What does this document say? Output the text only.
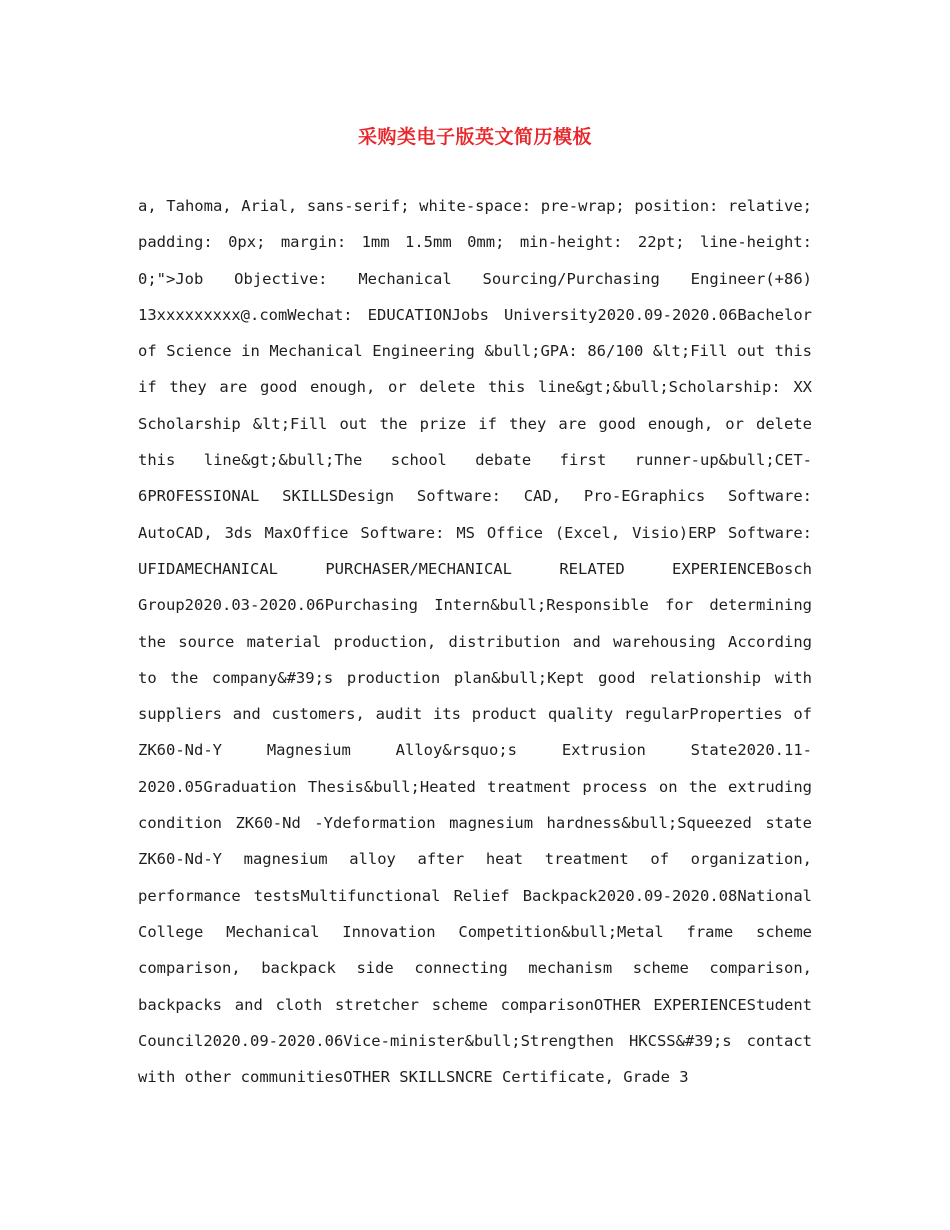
采购类电子版英文简历模板

a, Tahoma, Arial, sans-serif; white-space: pre-wrap; position: relative; padding: 0px; margin: 1mm 1.5mm 0mm; min-height: 22pt; line-height: 0;">Job Objective: Mechanical Sourcing/Purchasing Engineer(+86) 13xxxxxxxxx@.comWechat: EDUCATIONJobs University2020.09-2020.06Bachelor of Science in Mechanical Engineering &bull;GPA: 86/100 &lt;Fill out this if they are good enough, or delete this line&gt;&bull;Scholarship: XX Scholarship &lt;Fill out the prize if they are good enough, or delete this line&gt;&bull;The school debate first runner-up&bull;CET-6PROFESSIONAL SKILLSDesign Software: CAD, Pro-EGraphics Software: AutoCAD, 3ds MaxOffice Software: MS Office (Excel, Visio)ERP Software: UFIDAMECHANICAL PURCHASER/MECHANICAL RELATED EXPERIENCEBosch Group2020.03-2020.06Purchasing Intern&bull;Responsible for determining the source material production, distribution and warehousing According to the company&#39;s production plan&bull;Kept good relationship with suppliers and customers, audit its product quality regularProperties of ZK60-Nd-Y Magnesium Alloy&rsquo;s Extrusion State2020.11-2020.05Graduation Thesis&bull;Heated treatment process on the extruding condition ZK60-Nd -Ydeformation magnesium hardness&bull;Squeezed state ZK60-Nd-Y magnesium alloy after heat treatment of organization, performance testsMultifunctional Relief Backpack2020.09-2020.08National College Mechanical Innovation Competition&bull;Metal frame scheme comparison, backpack side connecting mechanism scheme comparison, backpacks and cloth stretcher scheme comparisonOTHER EXPERIENCEStudent Council2020.09-2020.06Vice-minister&bull;Strengthen HKCSS&#39;s contact with other communitiesOTHER SKILLSNCRE Certificate, Grade 3
